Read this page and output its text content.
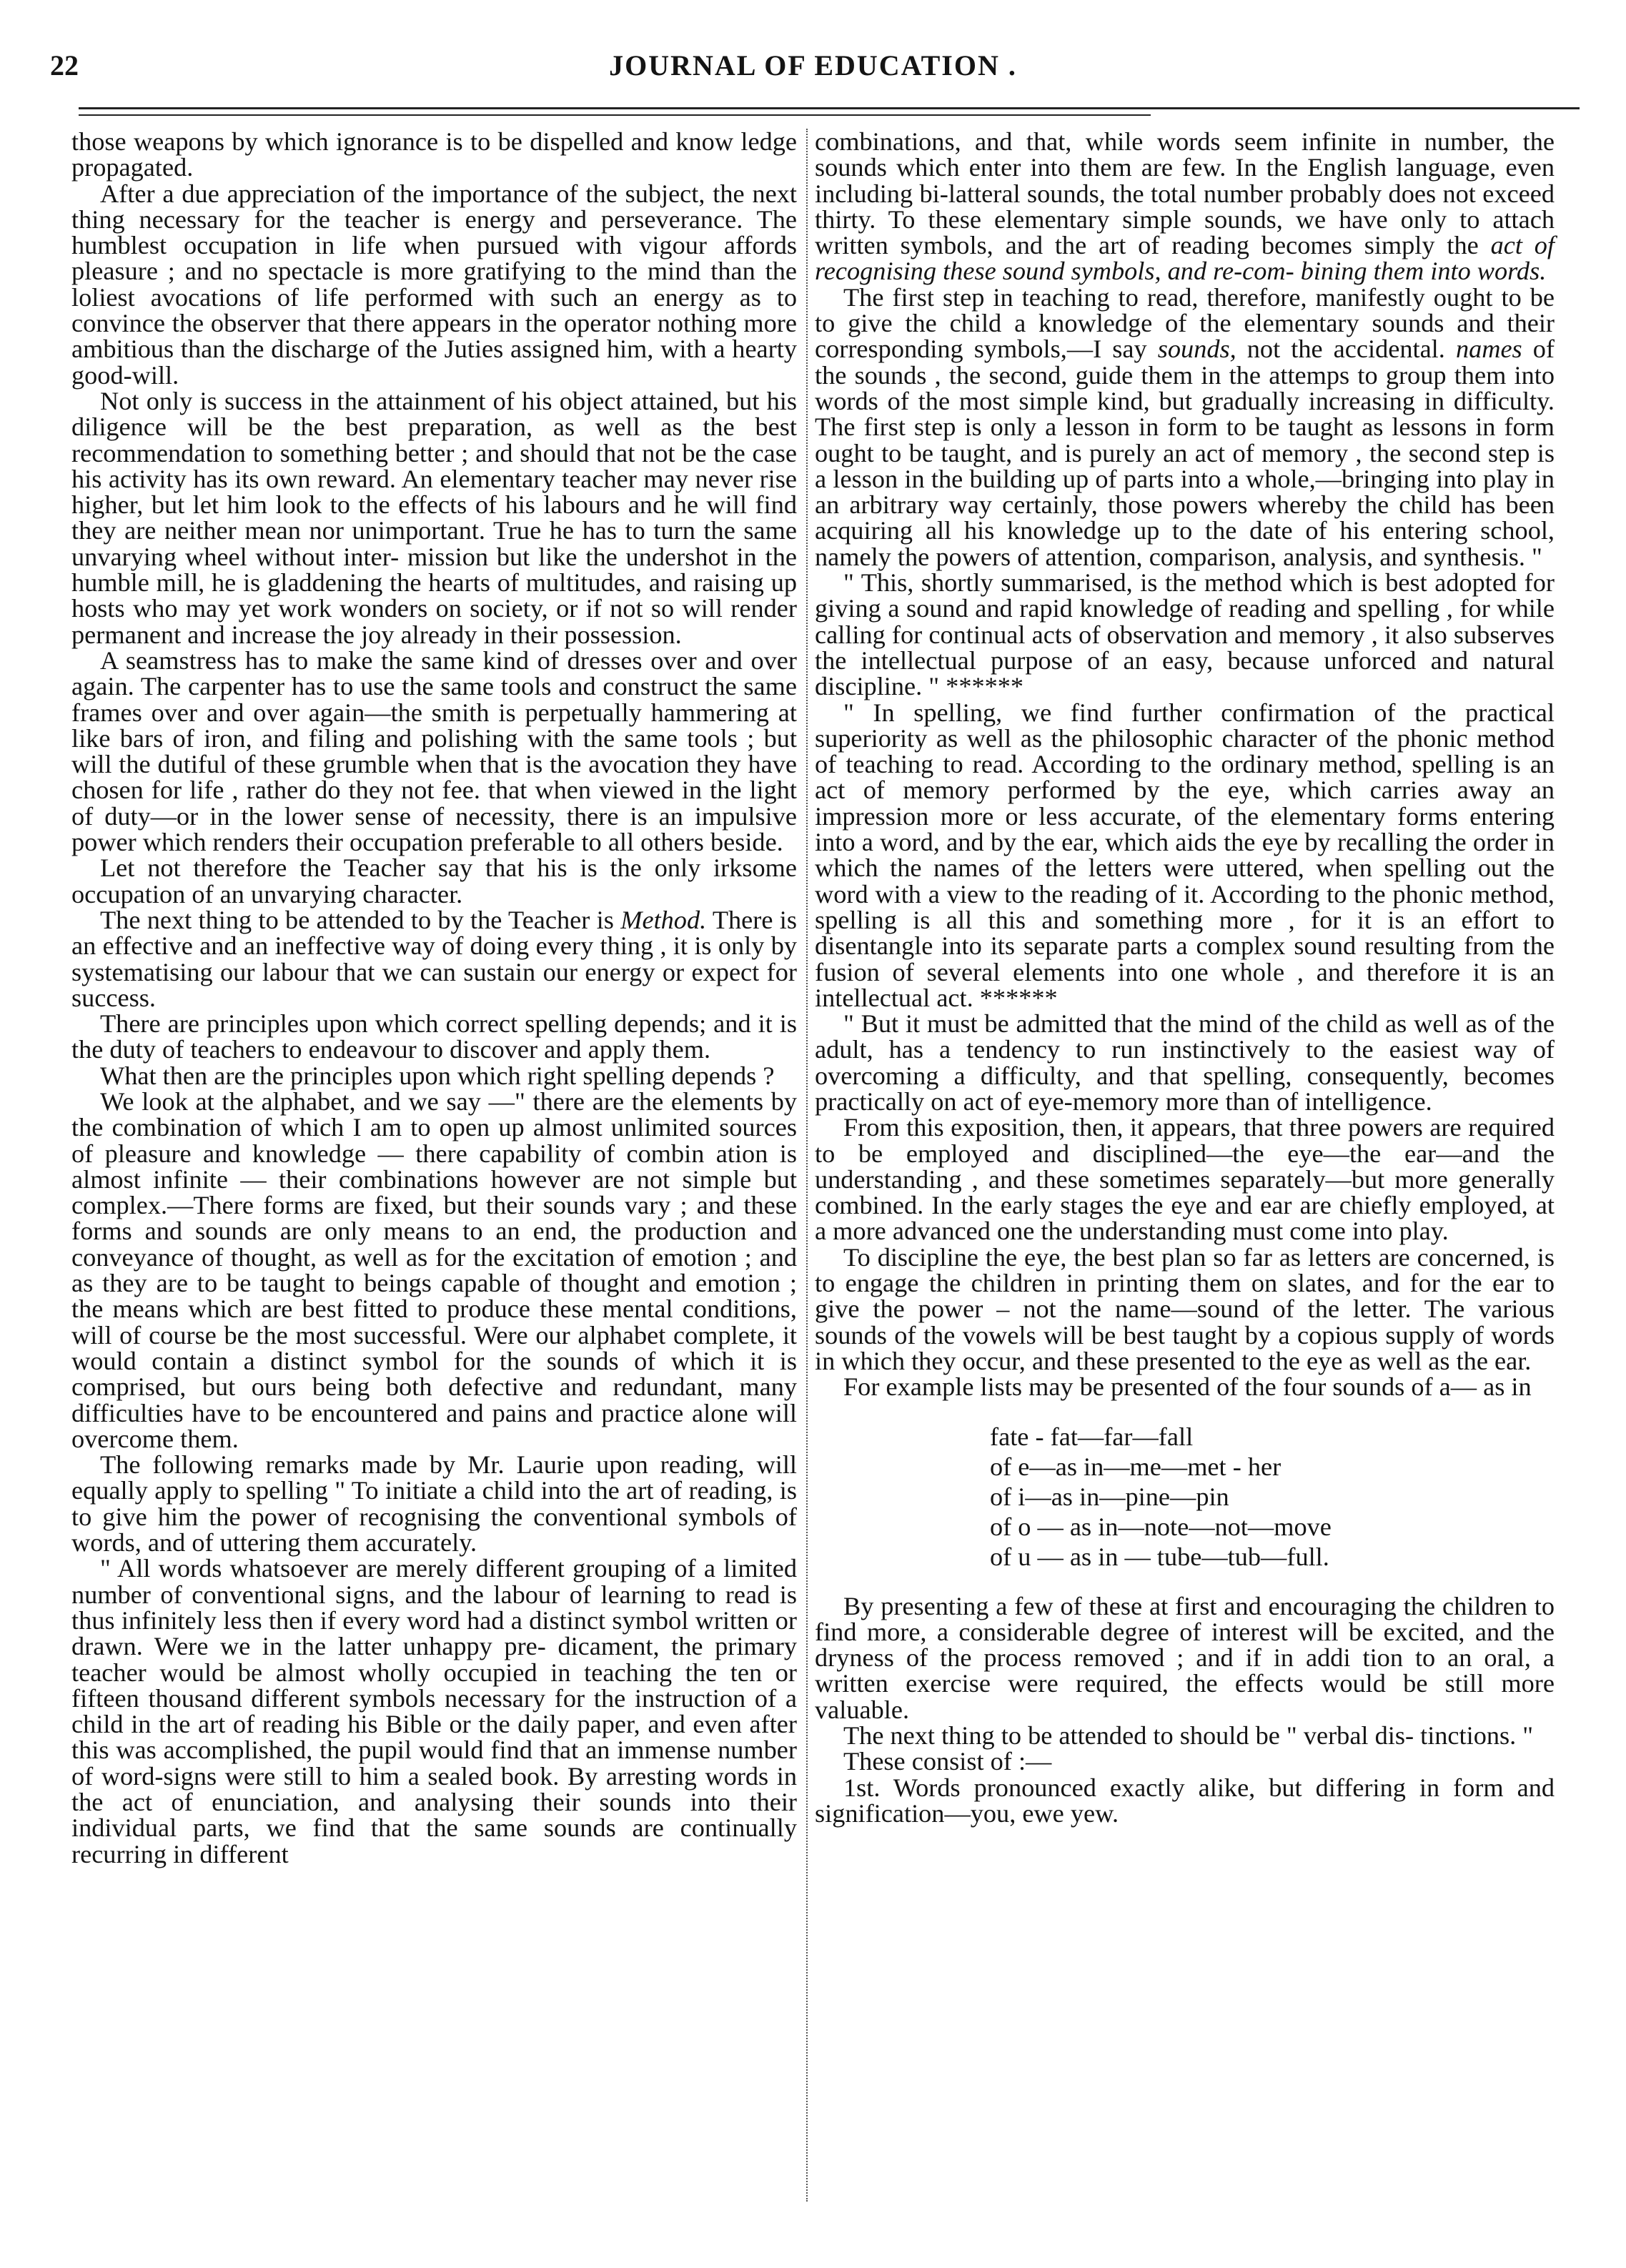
22	JOURNAL OF EDUCATION .

those weapons by which ignorance is to be dispelled and know ledge propagated.

After a due appreciation of the importance of the subject, the next thing necessary for the teacher is energy and perseverance. The humblest occupation in life when pursued with vigour affords pleasure ; and no spectacle is more gratifying to the mind than the loliest avocations of life performed with such an energy as to convince the observer that there appears in the operator nothing more ambitious than the discharge of the Juties assigned him, with a hearty good-will.

Not only is success in the attainment of his object attained, but his diligence will be the best preparation, as well as the best recommendation to something better ; and should that not be the case his activity has its own reward. An elementary teacher may never rise higher, but let him look to the effects of his labours and he will find they are neither mean nor unimportant. True he has to turn the same unvarying wheel without inter- mission but like the undershot in the humble mill, he is gladdening the hearts of multitudes, and raising up hosts who may yet work wonders on society, or if not so will render permanent and increase the joy already in their possession.

A seamstress has to make the same kind of dresses over and over again. The carpenter has to use the same tools and construct the same frames over and over again—the smith is perpetually hammering at like bars of iron, and filing and polishing with the same tools ; but will the dutiful of these grumble when that is the avocation they have chosen for life , rather do they not fee. that when viewed in the light of duty—or in the lower sense of necessity, there is an impulsive power which renders their occupation preferable to all others beside.

Let not therefore the Teacher say that his is the only irksome occupation of an unvarying character.

The next thing to be attended to by the Teacher is Method. There is an effective and an ineffective way of doing every thing , it is only by systematising our labour that we can sustain our energy or expect for success.

There are principles upon which correct spelling depends; and it is the duty of teachers to endeavour to discover and apply them.

What then are the principles upon which right spelling depends ?

We look at the alphabet, and we say —" there are the elements by the combination of which I am to open up almost unlimited sources of pleasure and knowledge — there capability of combin ation is almost infinite — their combinations however are not simple but complex.—There forms are fixed, but their sounds vary ; and these forms and sounds are only means to an end, the production and conveyance of thought, as well as for the excitation of emotion ; and as they are to be taught to beings capable of thought and emotion ; the means which are best fitted to produce these mental conditions, will of course be the most successful. Were our alphabet complete, it would contain a distinct symbol for the sounds of which it is comprised, but ours being both defective and redundant, many difficulties have to be encountered and pains and practice alone will overcome them.

The following remarks made by Mr. Laurie upon reading, will equally apply to spelling " To initiate a child into the art of reading, is to give him the power of recognising the conventional symbols of words, and of uttering them accurately.

" All words whatsoever are merely different grouping of a limited number of conventional signs, and the labour of learning to read is thus infinitely less then if every word had a distinct symbol written or drawn. Were we in the latter unhappy pre- dicament, the primary teacher would be almost wholly occupied in teaching the ten or fifteen thousand different symbols necessary for the instruction of a child in the art of reading his Bible or the daily paper, and even after this was accomplished, the pupil would find that an immense number of word-signs were still to him a sealed book. By arresting words in the act of enunciation, and analysing their sounds into their individual parts, we find that the same sounds are continually recurring in different

combinations, and that, while words seem infinite in number, the sounds which enter into them are few. In the English language, even including bi-latteral sounds, the total number probably does not exceed thirty. To these elementary simple sounds, we have only to attach written symbols, and the art of reading becomes simply the act of recognising these sound symbols, and re-com- bining them into words.

The first step in teaching to read, therefore, manifestly ought to be to give the child a knowledge of the elementary sounds and their corresponding symbols,—I say sounds, not the accidental. names of the sounds , the second, guide them in the attemps to group them into words of the most simple kind, but gradually increasing in difficulty. The first step is only a lesson in form to be taught as lessons in form ought to be taught, and is purely an act of memory , the second step is a lesson in the building up of parts into a whole,—bringing into play in an arbitrary way certainly, those powers whereby the child has been acquiring all his knowledge up to the date of his entering school, namely the powers of attention, comparison, analysis, and synthesis. "

" This, shortly summarised, is the method which is best adopted for giving a sound and rapid knowledge of reading and spelling , for while calling for continual acts of observation and memory , it also subserves the intellectual purpose of an easy, because unforced and natural discipline. " ******

" In spelling, we find further confirmation of the practical superiority as well as the philosophic character of the phonic method of teaching to read. According to the ordinary method, spelling is an act of memory performed by the eye, which carries away an impression more or less accurate, of the elementary forms entering into a word, and by the ear, which aids the eye by recalling the order in which the names of the letters were uttered, when spelling out the word with a view to the reading of it. According to the phonic method, spelling is all this and something more , for it is an effort to disentangle into its separate parts a complex sound resulting from the fusion of several elements into one whole , and therefore it is an intellectual act. ******

" But it must be admitted that the mind of the child as well as of the adult, has a tendency to run instinctively to the easiest way of overcoming a difficulty, and that spelling, consequently, becomes practically on act of eye-memory more than of intelligence.

From this exposition, then, it appears, that three powers are required to be employed and disciplined—the eye—the ear—and the understanding , and these sometimes separately—but more generally combined. In the early stages the eye and ear are chiefly employed, at a more advanced one the understanding must come into play.

To discipline the eye, the best plan so far as letters are concerned, is to engage the children in printing them on slates, and for the ear to give the power – not the name—sound of the letter. The various sounds of the vowels will be best taught by a copious supply of words in which they occur, and these presented to the eye as well as the ear.

For example lists may be presented of the four sounds of a— as in

fate - fat—far—fall
of e—as in—me—met - her
of i—as in—pine—pin
of o — as in—note—not—move
of u — as in — tube—tub—full.

By presenting a few of these at first and encouraging the children to find more, a considerable degree of interest will be excited, and the dryness of the process removed ; and if in addi tion to an oral, a written exercise were required, the effects would be still more valuable.

The next thing to be attended to should be " verbal dis- tinctions. "

These consist of :—

1st. Words pronounced exactly alike, but differing in form and signification—you, ewe yew.
